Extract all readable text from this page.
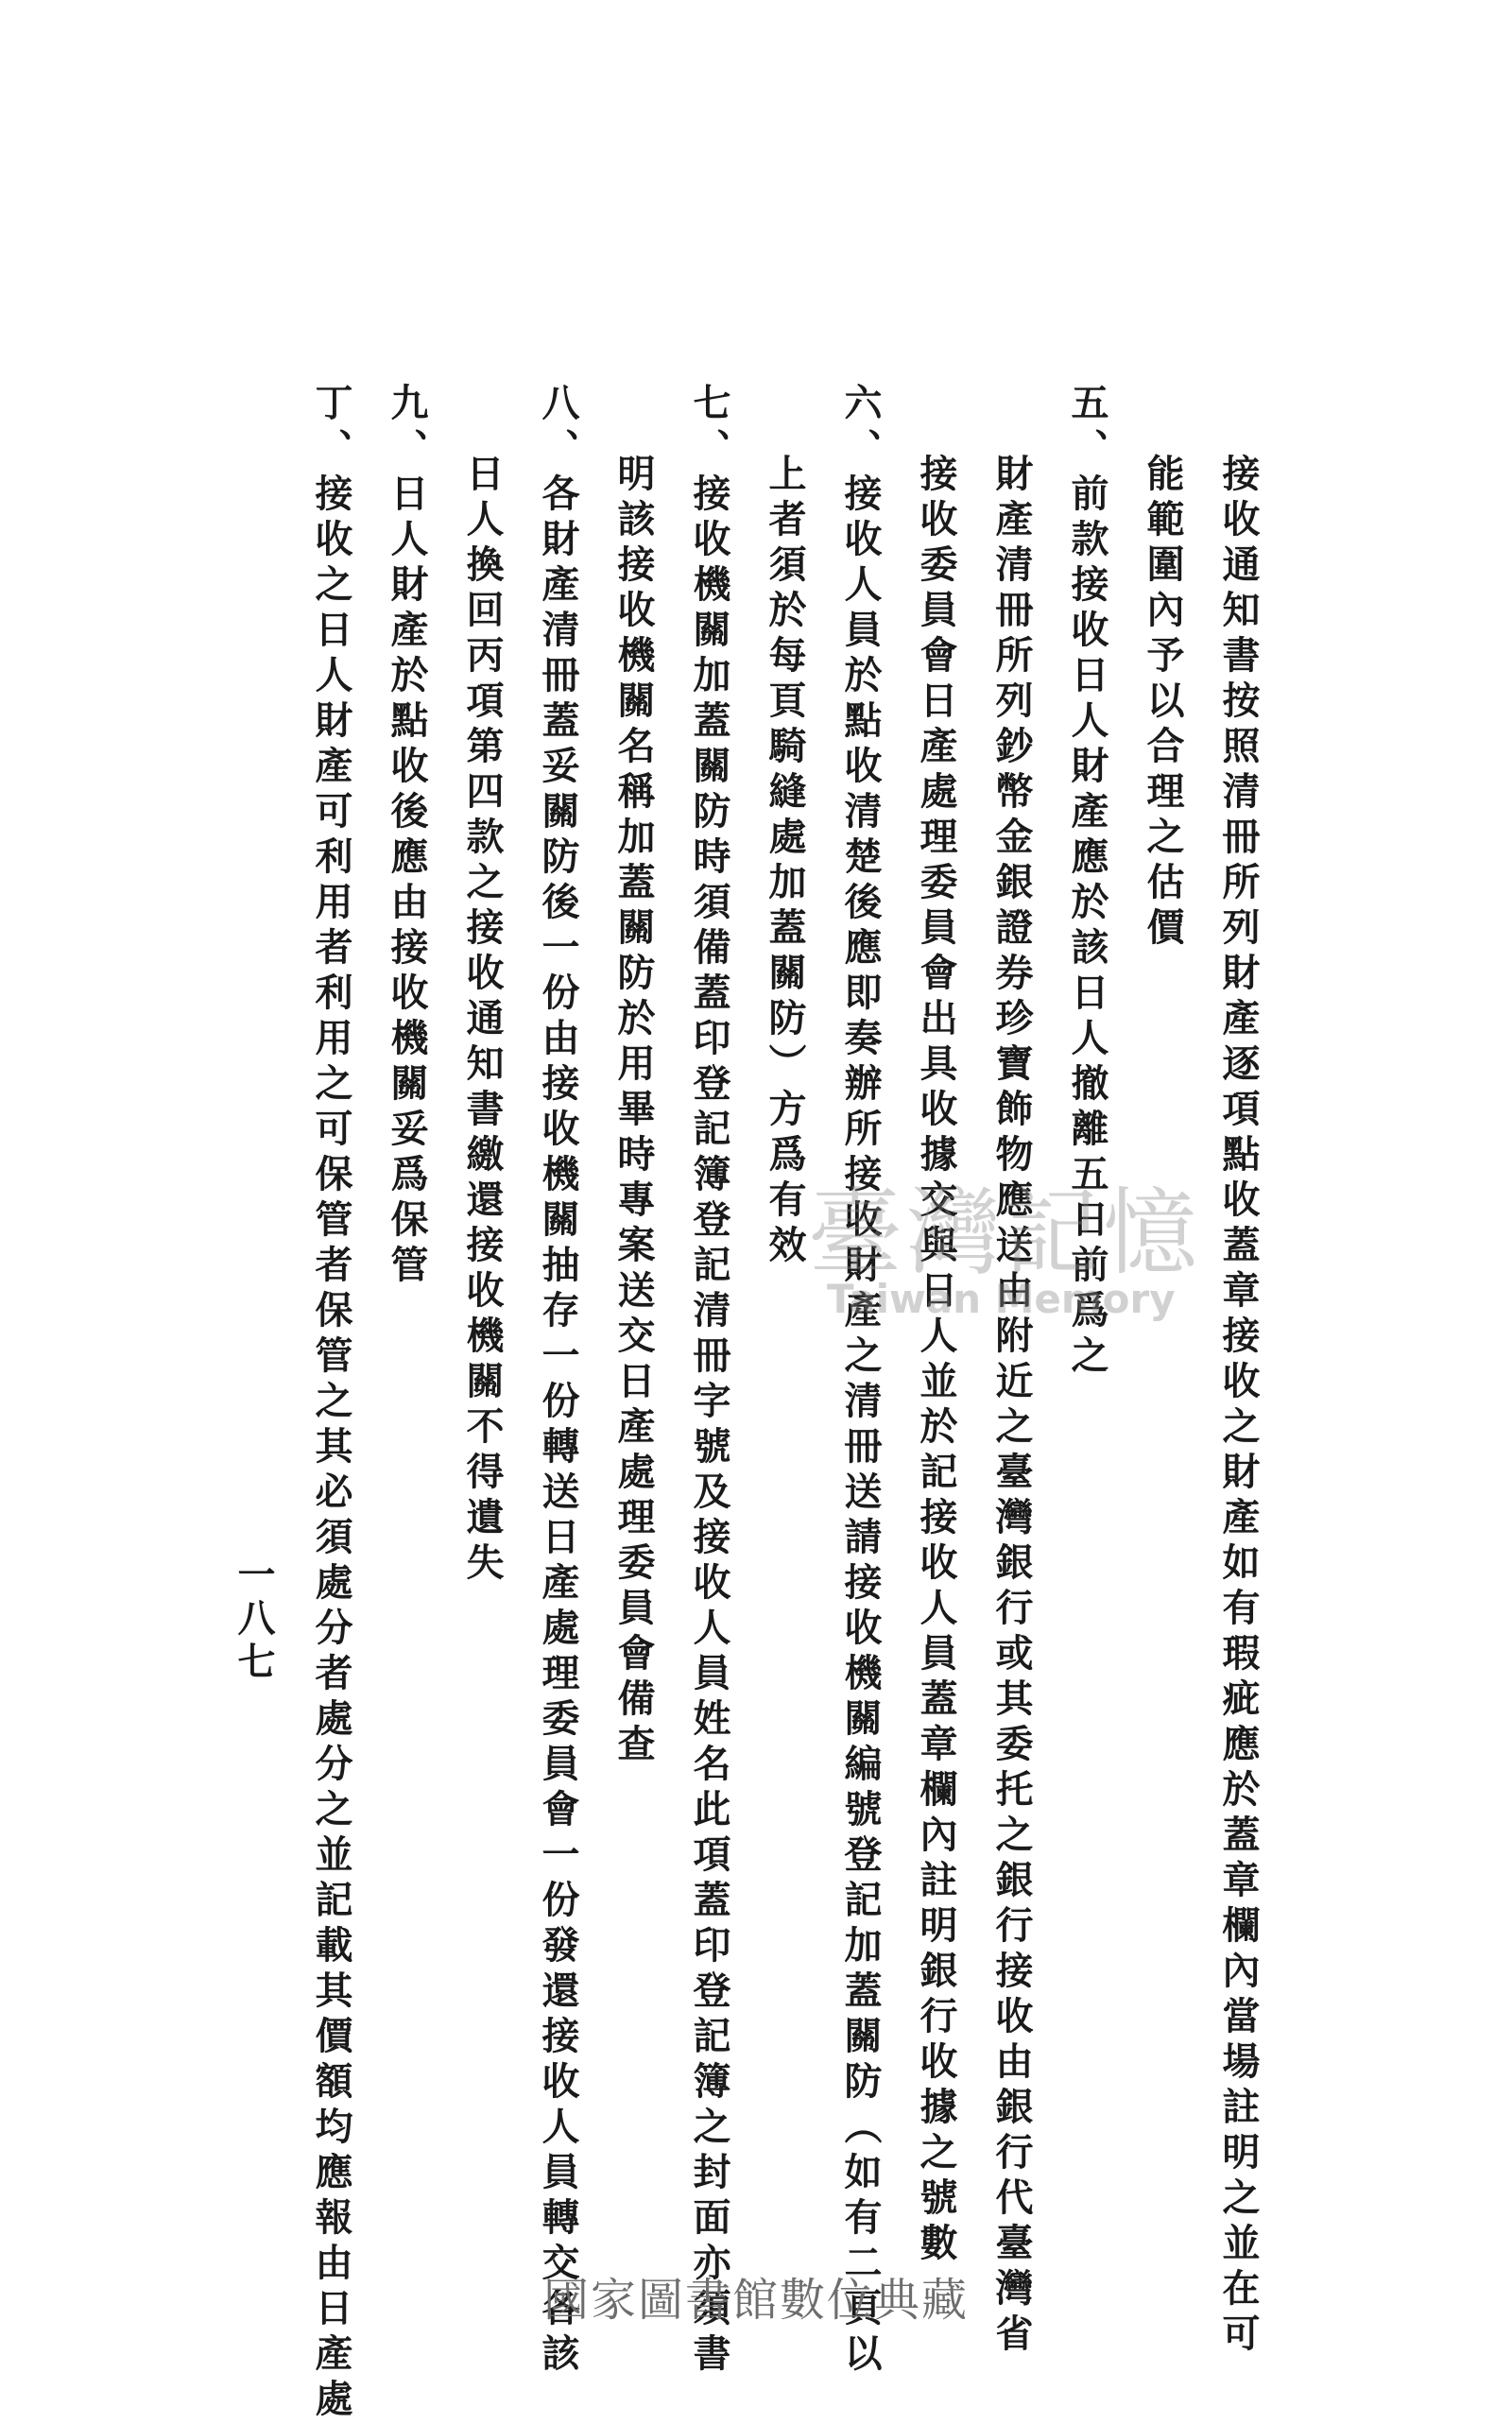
接收通知書按照清冊所列財產逐項點收蓋章接收之財產如有瑕疵應於蓋章欄內當場註明之並在可
能範圍內予以合理之估價
五、前款接收日人財產應於該日人撤離五日前爲之
財產清冊所列鈔幣金銀證券珍寶飾物應送由附近之臺灣銀行或其委托之銀行接收由銀行代臺灣省
接收委員會日產處理委員會出具收據交與日人並於記接收人員蓋章欄內註明銀行收據之號數
六、接收人員於點收清楚後應即奏辦所接收財產之清冊送請接收機關編號登記加蓋關防（如有二頁以
上者須於每頁騎縫處加蓋關防）方爲有效
七、接收機關加蓋關防時須備蓋印登記簿登記清冊字號及接收人員姓名此項蓋印登記簿之封面亦須書
明該接收機關名稱加蓋關防於用畢時專案送交日產處理委員會備查
八、各財產清冊蓋妥關防後一份由接收機關抽存一份轉送日產處理委員會一份發還接收人員轉交各該
日人換回丙項第四款之接收通知書繳還接收機關不得遺失
九、日人財產於點收後應由接收機關妥爲保管
丁、接收之日人財產可利用者利用之可保管者保管之其必須處分者處分之並記載其價額均應報由日產處	臺灣記憶
Taiwan Memory
一八七
國家圖書館數位典藏
